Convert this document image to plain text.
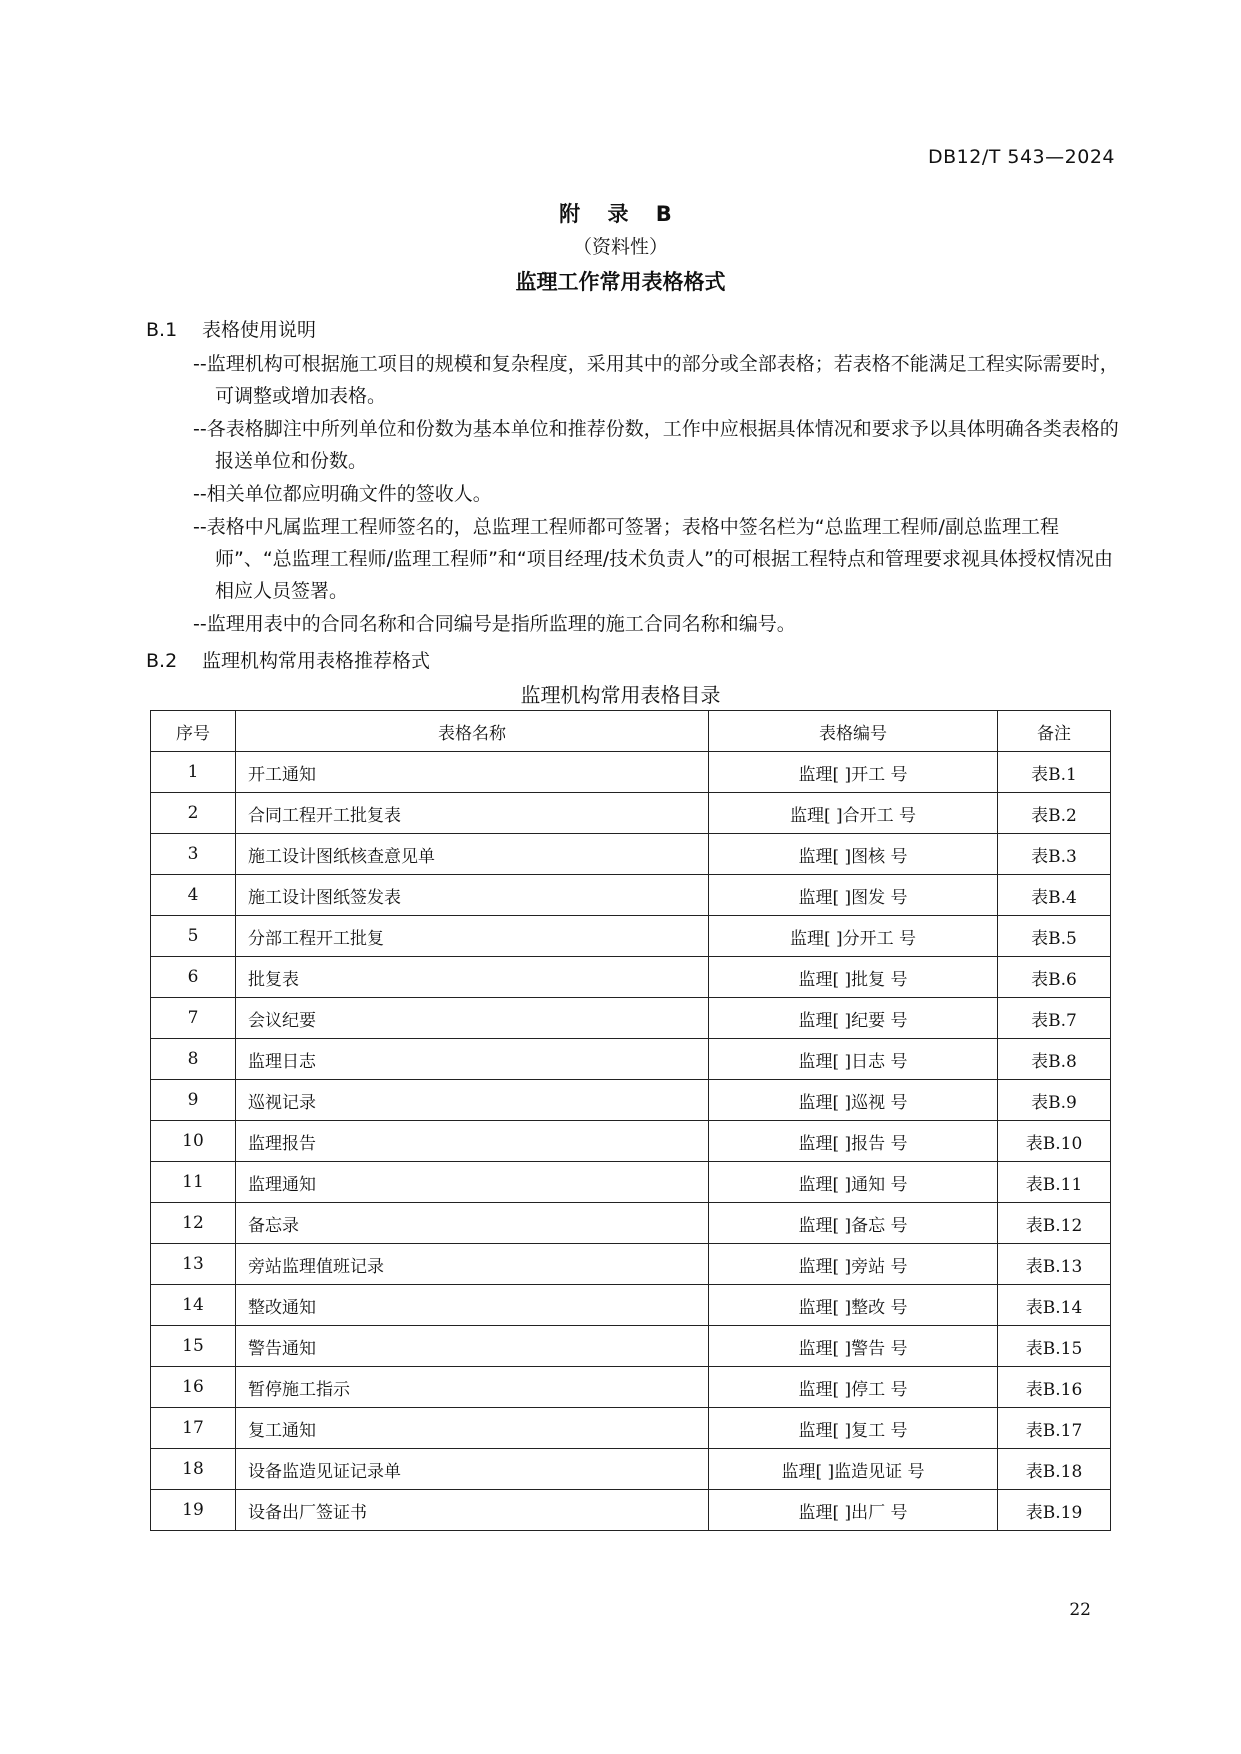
DB12/T 543—2024
附 录 B
（资料性）
监理工作常用表格格式
B.1 表格使用说明
--监理机构可根据施工项目的规模和复杂程度，采用其中的部分或全部表格；若表格不能满足工程实际需要时，可调整或增加表格。
--各表格脚注中所列单位和份数为基本单位和推荐份数，工作中应根据具体情况和要求予以具体明确各类表格的报送单位和份数。
--相关单位都应明确文件的签收人。
--表格中凡属监理工程师签名的，总监理工程师都可签署；表格中签名栏为“总监理工程师/副总监理工程师”、“总监理工程师/监理工程师”和“项目经理/技术负责人”的可根据工程特点和管理要求视具体授权情况由相应人员签署。
--监理用表中的合同名称和合同编号是指所监理的施工合同名称和编号。
B.2 监理机构常用表格推荐格式
监理机构常用表格目录
序号	表格名称	表格编号	备注
1	开工通知	监理[ ]开工 号	表B.1
2	合同工程开工批复表	监理[ ]合开工 号	表B.2
3	施工设计图纸核查意见单	监理[ ]图核 号	表B.3
4	施工设计图纸签发表	监理[ ]图发 号	表B.4
5	分部工程开工批复	监理[ ]分开工 号	表B.5
6	批复表	监理[ ]批复 号	表B.6
7	会议纪要	监理[ ]纪要 号	表B.7
8	监理日志	监理[ ]日志 号	表B.8
9	巡视记录	监理[ ]巡视 号	表B.9
10	监理报告	监理[ ]报告 号	表B.10
11	监理通知	监理[ ]通知 号	表B.11
12	备忘录	监理[ ]备忘 号	表B.12
13	旁站监理值班记录	监理[ ]旁站 号	表B.13
14	整改通知	监理[ ]整改 号	表B.14
15	警告通知	监理[ ]警告 号	表B.15
16	暂停施工指示	监理[ ]停工 号	表B.16
17	复工通知	监理[ ]复工 号	表B.17
18	设备监造见证记录单	监理[ ]监造见证 号	表B.18
19	设备出厂签证书	监理[ ]出厂 号	表B.19
22
